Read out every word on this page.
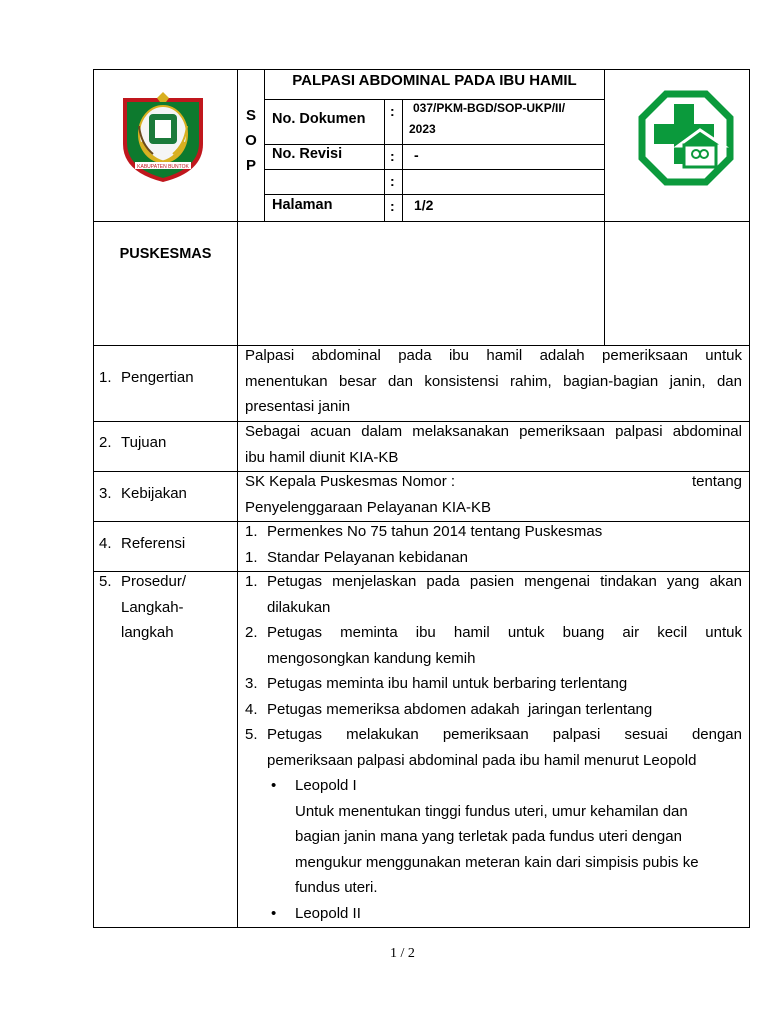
KABUPATEN BUNTOK
S
O
P
PALPASI ABDOMINAL PADA IBU HAMIL
No. Dokumen : 037/PKM-BGD/SOP-UKP/II/
2023
No. Revisi	: -
:
Halaman	: 1/2
PUSKESMAS
1. Pengertian
Palpasi abdominal pada ibu hamil adalah pemeriksaan untuk
menentukan besar dan konsistensi rahim, bagian-bagian janin, dan
presentasi janin
2. Tujuan
Sebagai acuan dalam melaksanakan pemeriksaan palpasi abdominal
ibu hamil diunit KIA-KB
3. Kebijakan
SK Kepala Puskesmas Nomor :	tentang
Penyelenggaraan Pelayanan KIA-KB
4. Referensi
1. Permenkes No 75 tahun 2014 tentang Puskesmas
1. Standar Pelayanan kebidanan
5. Prosedur/
Langkah-
langkah
1. Petugas menjelaskan pada pasien mengenai tindakan yang akan
dilakukan
2. Petugas meminta ibu hamil untuk buang air kecil untuk
mengosongkan kandung kemih
3. Petugas meminta ibu hamil untuk berbaring terlentang
4. Petugas memeriksa abdomen adakah  jaringan terlentang
5. Petugas melakukan pemeriksaan palpasi sesuai dengan
pemeriksaan palpasi abdominal pada ibu hamil menurut Leopold
• Leopold I
Untuk menentukan tinggi fundus uteri, umur kehamilan dan
bagian janin mana yang terletak pada fundus uteri dengan
mengukur menggunakan meteran kain dari simpisis pubis ke
fundus uteri.
• Leopold II
1 / 2
